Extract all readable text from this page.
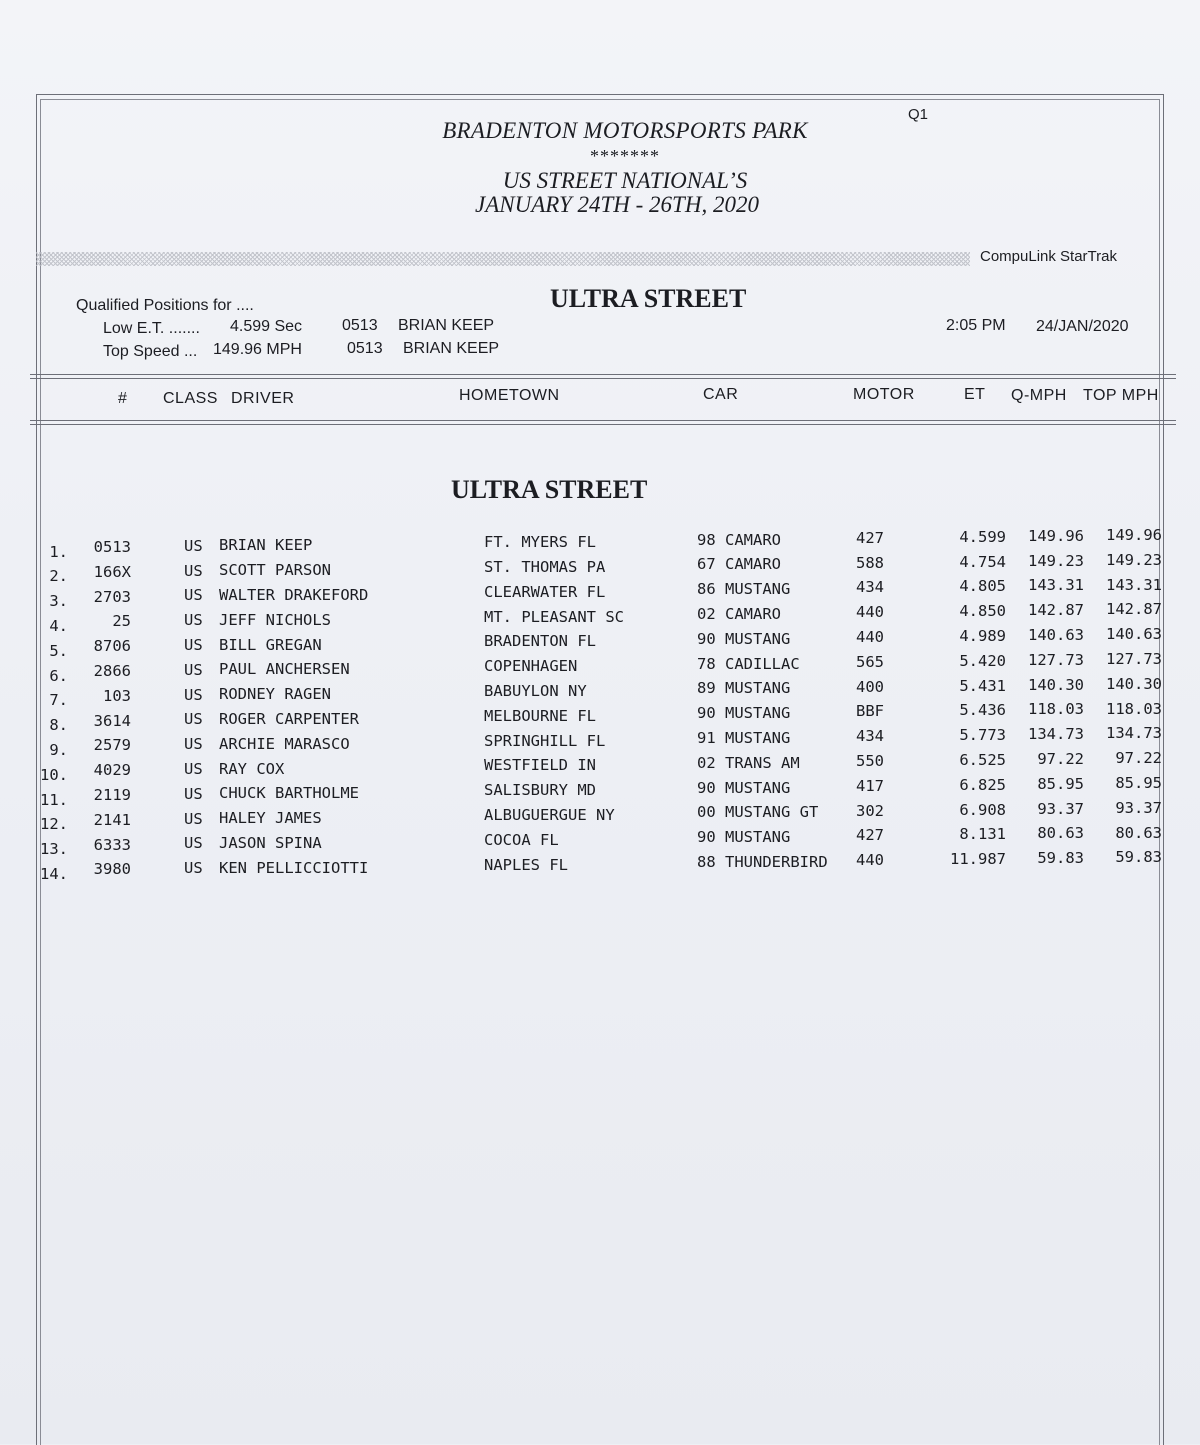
BRADENTON MOTORSPORTS PARK
*******
US STREET NATIONAL’S
JANUARY 24TH - 26TH, 2020
Q1
CompuLink StarTrak
Qualified Positions for ....	ULTRA STREET
Low E.T. ....... 4.599 Sec 0513 BRIAN KEEP
Top Speed ... 149.96 MPH	0513 BRIAN KEEP
2:05 PM 24/JAN/2020
# CLASS DRIVER	HOMETOWN	CAR	MOTOR	ET Q-MPH TOP MPH
ULTRA STREET
1.	0513	US	BRIAN KEEP	FT. MYERS FL	98 CAMARO	427	4.599	149.96	149.96
2.	166X	US	SCOTT PARSON	ST. THOMAS PA	67 CAMARO	588	4.754	149.23	149.23
3.	2703	US	WALTER DRAKEFORD	CLEARWATER FL	86 MUSTANG	434	4.805	143.31	143.31
4.	25	US	JEFF NICHOLS	MT. PLEASANT SC	02 CAMARO	440	4.850	142.87	142.87
5.	8706	US	BILL GREGAN	BRADENTON FL	90 MUSTANG	440	4.989	140.63	140.63
6.	2866	US	PAUL ANCHERSEN	COPENHAGEN	78 CADILLAC	565	5.420	127.73	127.73
7.	103	US	RODNEY RAGEN	BABUYLON NY	89 MUSTANG	400	5.431	140.30	140.30
8.	3614	US	ROGER CARPENTER	MELBOURNE FL	90 MUSTANG	BBF	5.436	118.03	118.03
9.	2579	US	ARCHIE MARASCO	SPRINGHILL FL	91 MUSTANG	434	5.773	134.73	134.73
10.	4029	US	RAY COX	WESTFIELD IN	02 TRANS AM	550	6.525	97.22	97.22
11.	2119	US	CHUCK BARTHOLME	SALISBURY MD	90 MUSTANG	417	6.825	85.95	85.95
12.	2141	US	HALEY JAMES	ALBUGUERGUE NY	00 MUSTANG GT	302	6.908	93.37	93.37
13.	6333	US	JASON SPINA	COCOA FL	90 MUSTANG	427	8.131	80.63	80.63
14.	3980	US	KEN PELLICCIOTTI	NAPLES FL	88 THUNDERBIRD	440	11.987	59.83	59.83
